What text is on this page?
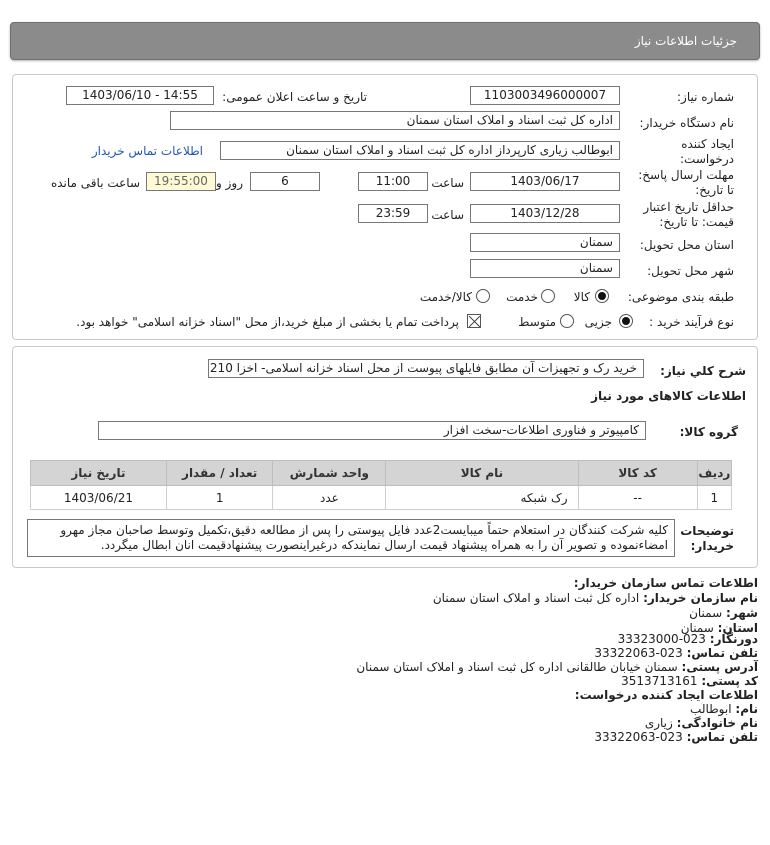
جزئیات اطلاعات نیاز
شماره نیاز:
1103003496000007
تاریخ و ساعت اعلان عمومی:
1403/06/10 - 14:55
نام دستگاه خریدار:
اداره کل ثبت اسناد و املاک استان سمنان
ایجاد کننده
درخواست:
ابوطالب زیاری کارپرداز اداره کل ثبت اسناد و املاک استان سمنان
اطلاعات تماس خریدار
مهلت ارسال پاسخ:
تا تاریخ:
1403/06/17
ساعت
11:00
6
روز و
19:55:00
ساعت باقی مانده
حداقل تاریخ اعتبار
قیمت: تا تاریخ:
1403/12/28
ساعت
23:59
استان محل تحویل:
سمنان
شهر محل تحویل:
سمنان
طبقه بندی موضوعی:
کالا
خدمت
کالا/خدمت
نوع فرآیند خرید :
جزیی
متوسط
پرداخت تمام یا بخشی از مبلغ خرید،از محل "اسناد خزانه اسلامی" خواهد بود.
شرح کلي نياز:
خرید رک و تجهیزات آن مطابق فایلهای پیوست از محل اسناد خزانه اسلامی- اخزا 210
اطلاعات کالاهای مورد نیاز
گروه کالا:
کامپیوتر و فناوری اطلاعات-سخت افزار
ردیف	کد کالا	نام کالا	واحد شمارش	تعداد / مقدار	تاریخ نیاز
1	--	رک شبکه	عدد	1	1403/06/21
توضیحات
خریدار:
کلیه شرکت کنندگان در استعلام حتماً میبایست2عدد فایل پیوستی را پس از مطالعه دقیق،تکمیل وتوسط صاحبان مجاز مهرو امضاءنموده و تصویر آن را به همراه پیشنهاد قیمت ارسال نمایندکه درغیراینصورت پیشنهادقیمت انان ابطال میگردد.
اطلاعات تماس سازمان خریدار:
نام سازمان خریدار: اداره کل ثبت اسناد و املاک استان سمنان
شهر: سمنان
استان: سمنان
دورنگار: 023-33323000
تلفن تماس: 023-33322063
آدرس پستی: سمنان خیابان طالقانی اداره کل ثبت اسناد و املاک استان سمنان
کد پستی: 3513713161
اطلاعات ایجاد کننده درخواست:
نام: ابوطالب
نام خانوادگی: زیاری
تلفن تماس: 023-33322063
